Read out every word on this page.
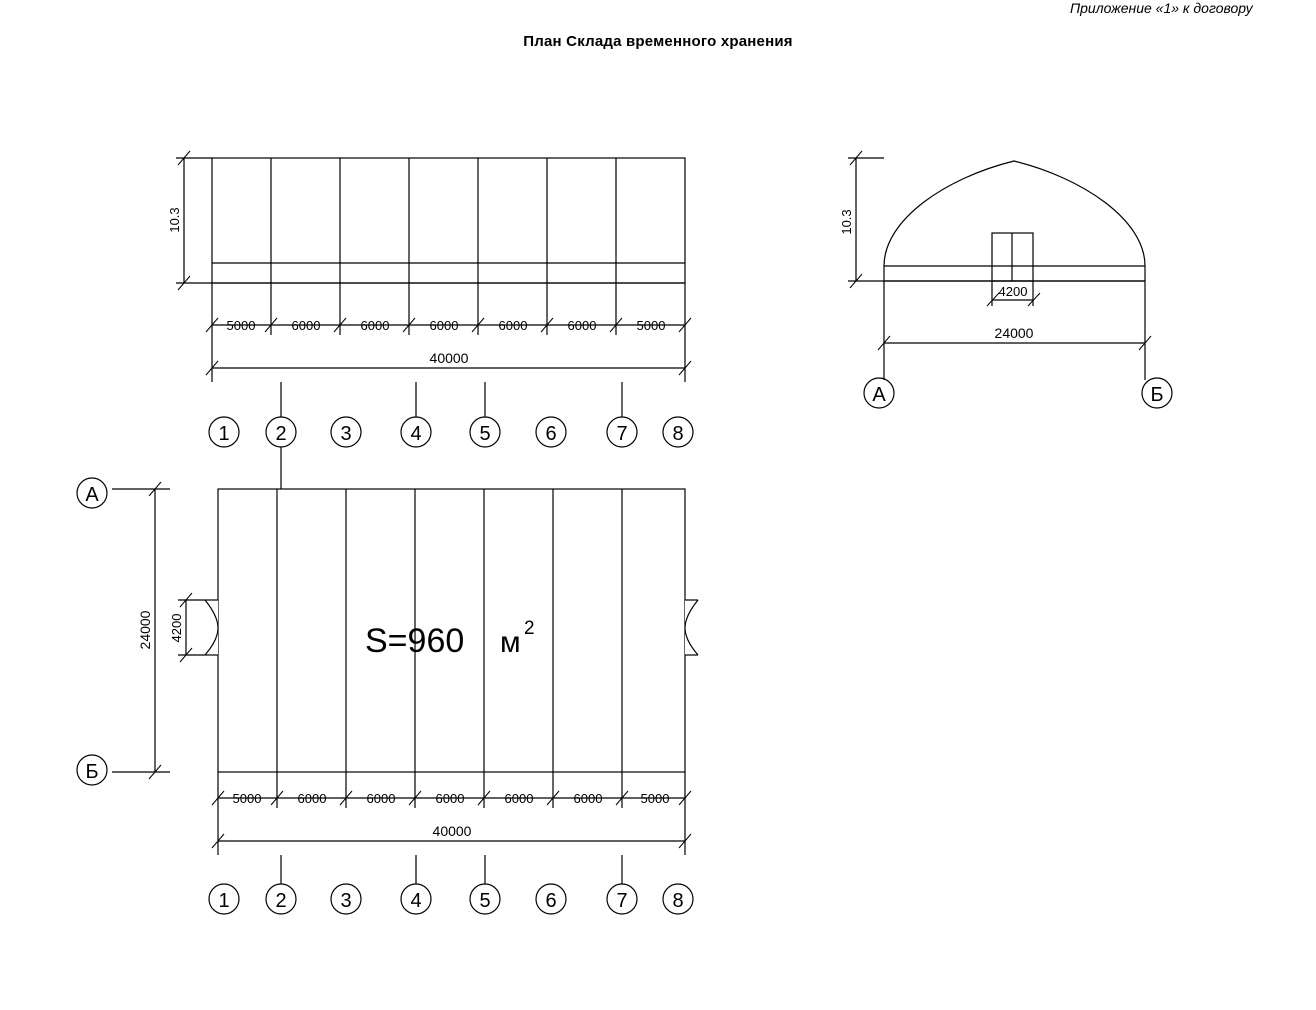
Приложение «1» к договору
План Склада временного хранения
10.3
5000	6000	6000	6000	6000	6000	5000
40000
1 2	3	4	5	6	7 8
10.3
4200
24000
А	Б
S=960 м 2
24000 4200
А
Б
5000	6000	6000	6000	6000	6000	5000
40000
1 2	3	4	5	6	7 8
